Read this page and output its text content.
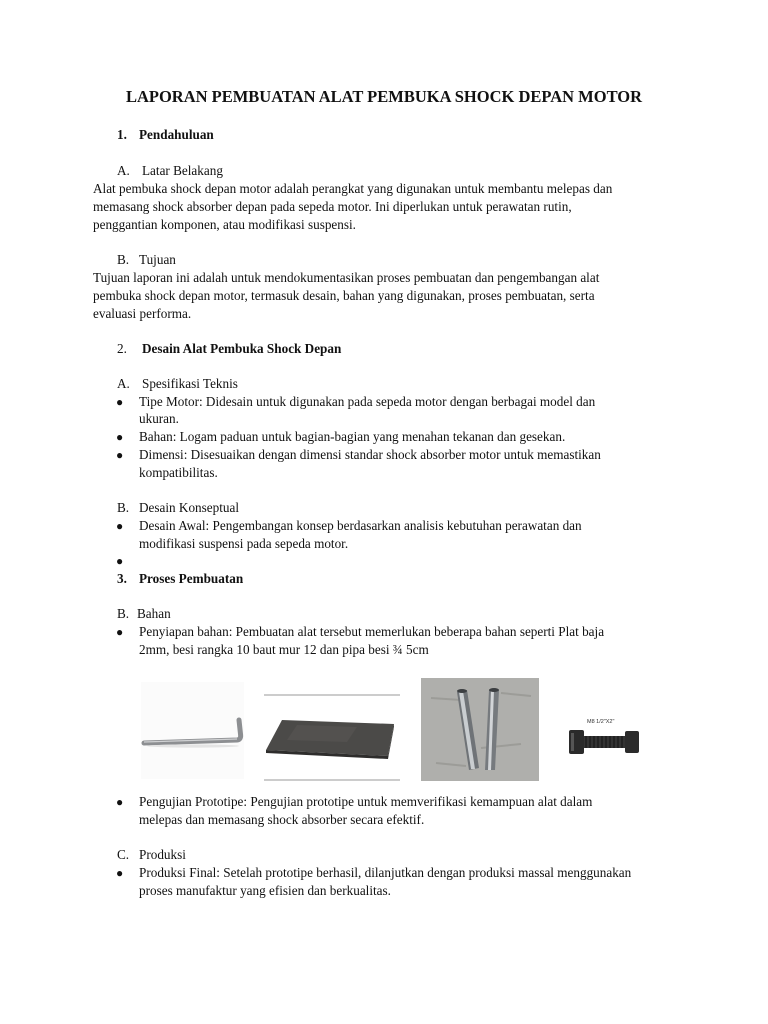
LAPORAN PEMBUATAN ALAT PEMBUKA SHOCK DEPAN MOTOR
1. Pendahuluan
A. Latar Belakang
Alat pembuka shock depan motor adalah perangkat yang digunakan untuk membantu melepas dan
memasang shock absorber depan pada sepeda motor. Ini diperlukan untuk perawatan rutin,
penggantian komponen, atau modifikasi suspensi.
B. Tujuan
Tujuan laporan ini adalah untuk mendokumentasikan proses pembuatan dan pengembangan alat
pembuka shock depan motor, termasuk desain, bahan yang digunakan, proses pembuatan, serta
evaluasi performa.
2. Desain Alat Pembuka Shock Depan
A. Spesifikasi Teknis
● Tipe Motor: Didesain untuk digunakan pada sepeda motor dengan berbagai model dan
ukuran.
● Bahan: Logam paduan untuk bagian-bagian yang menahan tekanan dan gesekan.
● Dimensi: Disesuaikan dengan dimensi standar shock absorber motor untuk memastikan
kompatibilitas.
B. Desain Konseptual
● Desain Awal: Pengembangan konsep berdasarkan analisis kebutuhan perawatan dan
modifikasi suspensi pada sepeda motor.
●
3. Proses Pembuatan
B. Bahan
● Penyiapan bahan: Pembuatan alat tersebut memerlukan beberapa bahan seperti Plat baja
2mm, besi rangka 10 baut mur 12 dan pipa besi ¾ 5cm
M8 1/2"X2"
● Pengujian Prototipe: Pengujian prototipe untuk memverifikasi kemampuan alat dalam
melepas dan memasang shock absorber secara efektif.
C. Produksi
● Produksi Final: Setelah prototipe berhasil, dilanjutkan dengan produksi massal menggunakan
proses manufaktur yang efisien dan berkualitas.
